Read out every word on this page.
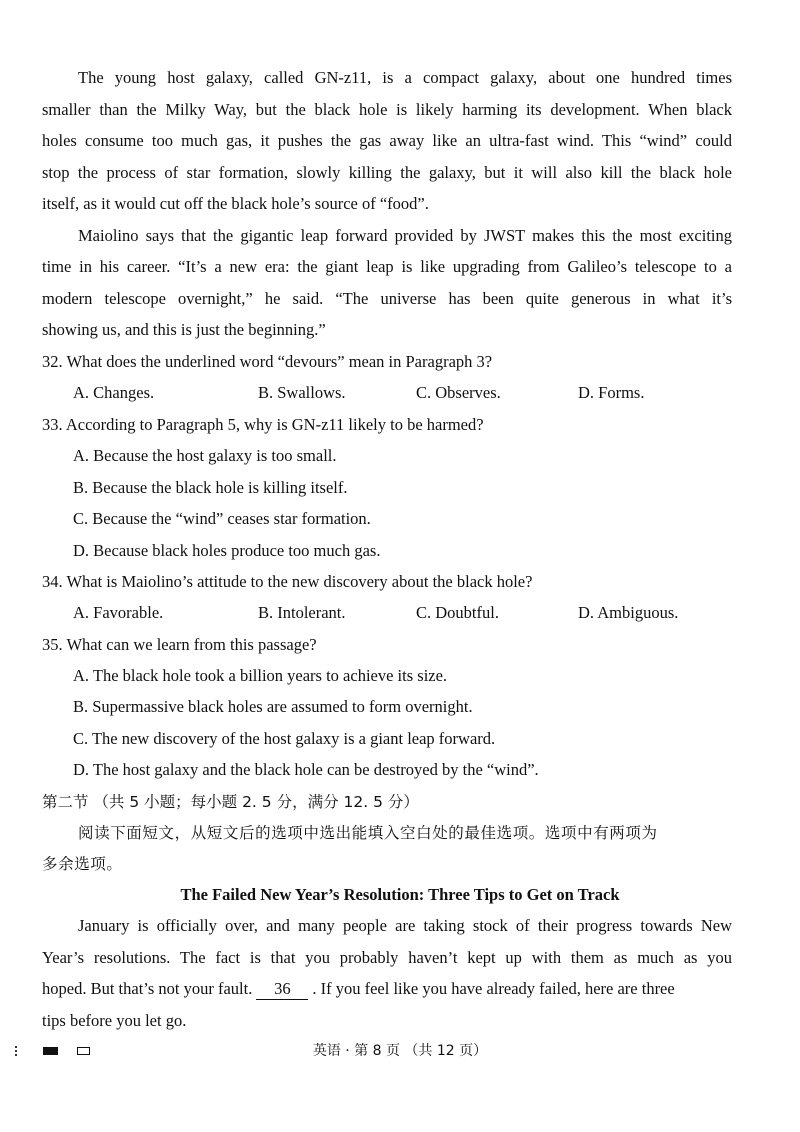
The young host galaxy, called GN-z11, is a compact galaxy, about one hundred times
smaller than the Milky Way, but the black hole is likely harming its development. When black
holes consume too much gas, it pushes the gas away like an ultra-fast wind. This “wind” could
stop the process of star formation, slowly killing the galaxy, but it will also kill the black hole
itself, as it would cut off the black hole’s source of “food”.
Maiolino says that the gigantic leap forward provided by JWST makes this the most exciting
time in his career. “It’s a new era: the giant leap is like upgrading from Galileo’s telescope to a
modern telescope overnight,” he said. “The universe has been quite generous in what it’s
showing us, and this is just the beginning.”
32. What does the underlined word “devours” mean in Paragraph 3?
A. Changes.	B. Swallows.	C. Observes.	D. Forms.
33. According to Paragraph 5, why is GN-z11 likely to be harmed?
A. Because the host galaxy is too small.
B. Because the black hole is killing itself.
C. Because the “wind” ceases star formation.
D. Because black holes produce too much gas.
34. What is Maiolino’s attitude to the new discovery about the black hole?
A. Favorable.	B. Intolerant.	C. Doubtful.	D. Ambiguous.
35. What can we learn from this passage?
A. The black hole took a billion years to achieve its size.
B. Supermassive black holes are assumed to form overnight.
C. The new discovery of the host galaxy is a giant leap forward.
D. The host galaxy and the black hole can be destroyed by the “wind”.
第二节 （共 5 小题；每小题 2. 5 分，满分 12. 5 分）
阅读下面短文，从短文后的选项中选出能填入空白处的最佳选项。选项中有两项为
多余选项。
The Failed New Year’s Resolution: Three Tips to Get on Track
January is officially over, and many people are taking stock of their progress towards New
Year’s resolutions. The fact is that you probably haven’t kept up with them as much as you
hoped. But that’s not your fault. 36 . If you feel like you have already failed, here are three
tips before you let go.
英语 · 第 8 页 （共 12 页）
